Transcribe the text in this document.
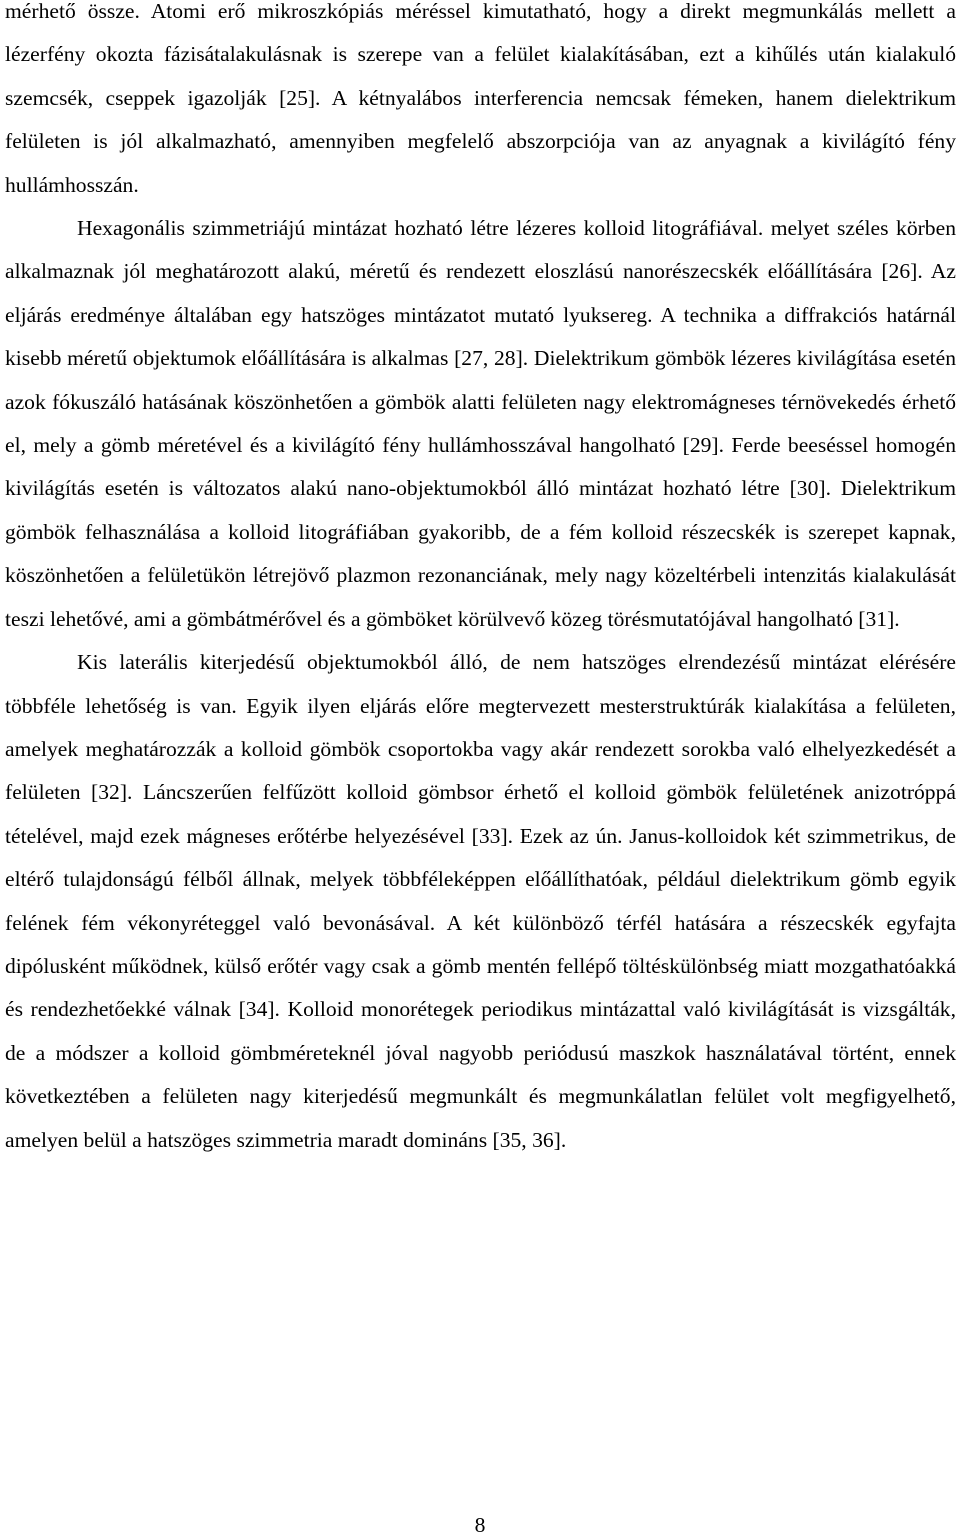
mérhető össze. Atomi erő mikroszkópiás méréssel kimutatható, hogy a direkt megmunkálás mellett a lézerfény okozta fázisátalakulásnak is szerepe van a felület kialakításában, ezt a kihűlés után kialakuló szemcsék, cseppek igazolják [25]. A kétnyalábos interferencia nemcsak fémeken, hanem dielektrikum felületen is jól alkalmazható, amennyiben megfelelő abszorpciója van az anyagnak a kivilágító fény hullámhosszán.

Hexagonális szimmetriájú mintázat hozható létre lézeres kolloid litográfiával. melyet széles körben alkalmaznak jól meghatározott alakú, méretű és rendezett eloszlású nanorészecskék előállítására [26]. Az eljárás eredménye általában egy hatszöges mintázatot mutató lyuksereg. A technika a diffrakciós határnál kisebb méretű objektumok előállítására is alkalmas [27, 28]. Dielektrikum gömbök lézeres kivilágítása esetén azok fókuszáló hatásának köszönhetően a gömbök alatti felületen nagy elektromágneses térnövekedés érhető el, mely a gömb méretével és a kivilágító fény hullámhosszával hangolható [29]. Ferde beeséssel homogén kivilágítás esetén is változatos alakú nano-objektumokból álló mintázat hozható létre [30]. Dielektrikum gömbök felhasználása a kolloid litográfiában gyakoribb, de a fém kolloid részecskék is szerepet kapnak, köszönhetően a felületükön létrejövő plazmon rezonanciának, mely nagy közeltérbeli intenzitás kialakulását teszi lehetővé, ami a gömbátmérővel és a gömböket körülvevő közeg törésmutatójával hangolható [31].

Kis laterális kiterjedésű objektumokból álló, de nem hatszöges elrendezésű mintázat elérésére többféle lehetőség is van. Egyik ilyen eljárás előre megtervezett mesterstruktúrák kialakítása a felületen, amelyek meghatározzák a kolloid gömbök csoportokba vagy akár rendezett sorokba való elhelyezkedését a felületen [32]. Láncszerűen felfűzött kolloid gömbsor érhető el kolloid gömbök felületének anizotróppá tételével, majd ezek mágneses erőtérbe helyezésével [33]. Ezek az ún. Janus-kolloidok két szimmetrikus, de eltérő tulajdonságú félből állnak, melyek többféleképpen előállíthatóak, például dielektrikum gömb egyik felének fém vékonyréteggel való bevonásával. A két különböző térfél hatására a részecskék egyfajta dipólusként működnek, külső erőtér vagy csak a gömb mentén fellépő töltéskülönbség miatt mozgathatóakká és rendezhetőekké válnak [34]. Kolloid monorétegek periodikus mintázattal való kivilágítását is vizsgálták, de a módszer a kolloid gömbméreteknél jóval nagyobb periódusú maszkok használatával történt, ennek következtében a felületen nagy kiterjedésű megmunkált és megmunkálatlan felület volt megfigyelhető, amelyen belül a hatszöges szimmetria maradt domináns [35, 36].

8
